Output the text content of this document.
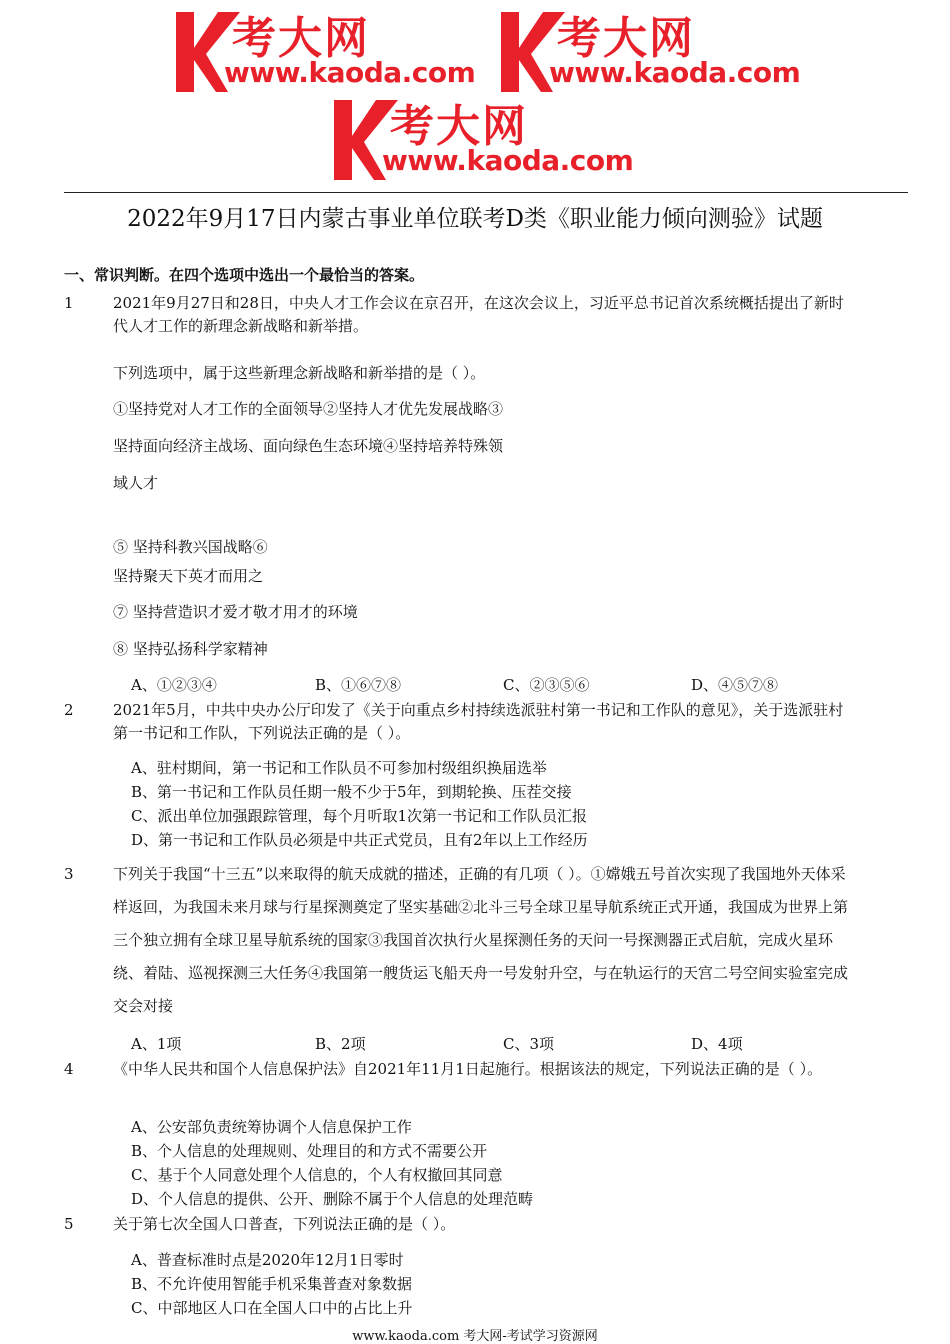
考大网
www.kaoda.com
考大网
www.kaoda.com
考大网
www.kaoda.com
2022年9月17日内蒙古事业单位联考D类《职业能力倾向测验》试题
一、常识判断。在四个选项中选出一个最恰当的答案。
1	2021年9月27日和28日，中央人才工作会议在京召开，在这次会议上，习近平总书记首次系统概括提出了新时代人才工作的新理念新战略和新举措。
下列选项中，属于这些新理念新战略和新举措的是（ ）。
①坚持党对人才工作的全面领导②坚持人才优先发展战略③
坚持面向经济主战场、面向绿色生态环境④坚持培养特殊领
域人才
⑤ 坚持科教兴国战略⑥
坚持聚天下英才而用之
⑦ 坚持营造识才爱才敬才用才的环境
⑧ 坚持弘扬科学家精神
A、①②③④	B、①⑥⑦⑧	C、②③⑤⑥	D、④⑤⑦⑧
2	2021年5月，中共中央办公厅印发了《关于向重点乡村持续选派驻村第一书记和工作队的意见》，关于选派驻村第一书记和工作队，下列说法正确的是（ ）。
A、驻村期间，第一书记和工作队员不可参加村级组织换届选举
B、第一书记和工作队员任期一般不少于5年，到期轮换、压茬交接
C、派出单位加强跟踪管理，每个月听取1次第一书记和工作队员汇报
D、第一书记和工作队员必须是中共正式党员，且有2年以上工作经历
3	下列关于我国“十三五”以来取得的航天成就的描述，正确的有几项（ ）。①嫦娥五号首次实现了我国地外天体采样返回，为我国未来月球与行星探测奠定了坚实基础②北斗三号全球卫星导航系统正式开通，我国成为世界上第三个独立拥有全球卫星导航系统的国家③我国首次执行火星探测任务的天问一号探测器正式启航，完成火星环绕、着陆、巡视探测三大任务④我国第一艘货运飞船天舟一号发射升空，与在轨运行的天宫二号空间实验室完成交会对接
A、1项	B、2项	C、3项	D、4项
4	《中华人民共和国个人信息保护法》自2021年11月1日起施行。根据该法的规定，下列说法正确的是（ ）。
A、公安部负责统筹协调个人信息保护工作
B、个人信息的处理规则、处理目的和方式不需要公开
C、基于个人同意处理个人信息的，个人有权撤回其同意
D、个人信息的提供、公开、删除不属于个人信息的处理范畴
5	关于第七次全国人口普查，下列说法正确的是（ ）。
A、普查标准时点是2020年12月1日零时
B、不允许使用智能手机采集普查对象数据
C、中部地区人口在全国人口中的占比上升
www.kaoda.com 考大网-考试学习资源网
